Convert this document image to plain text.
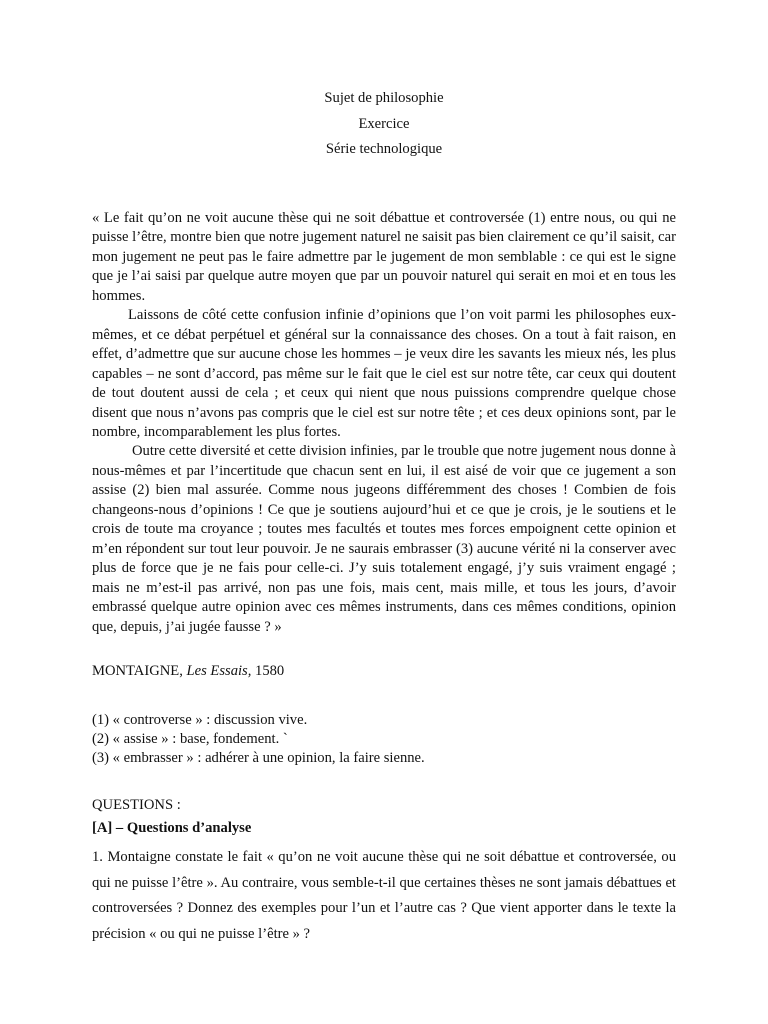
Sujet de philosophie
Exercice
Série technologique

« Le fait qu’on ne voit aucune thèse qui ne soit débattue et controversée (1) entre nous, ou qui ne puisse l’être, montre bien que notre jugement naturel ne saisit pas bien clairement ce qu’il saisit, car mon jugement ne peut pas le faire admettre par le jugement de mon semblable : ce qui est le signe que je l’ai saisi par quelque autre moyen que par un pouvoir naturel qui serait en moi et en tous les hommes.

Laissons de côté cette confusion infinie d’opinions que l’on voit parmi les philosophes eux-mêmes, et ce débat perpétuel et général sur la connaissance des choses. On a tout à fait raison, en effet, d’admettre que sur aucune chose les hommes – je veux dire les savants les mieux nés, les plus capables – ne sont d’accord, pas même sur le fait que le ciel est sur notre tête, car ceux qui doutent de tout doutent aussi de cela ; et ceux qui nient que nous puissions comprendre quelque chose disent que nous n’avons pas compris que le ciel est sur notre tête ; et ces deux opinions sont, par le nombre, incomparablement les plus fortes.

Outre cette diversité et cette division infinies, par le trouble que notre jugement nous donne à nous-mêmes et par l’incertitude que chacun sent en lui, il est aisé de voir que ce jugement a son assise (2) bien mal assurée. Comme nous jugeons différemment des choses ! Combien de fois changeons-nous d’opinions ! Ce que je soutiens aujourd’hui et ce que je crois, je le soutiens et le crois de toute ma croyance ; toutes mes facultés et toutes mes forces empoignent cette opinion et m’en répondent sur tout leur pouvoir. Je ne saurais embrasser (3) aucune vérité ni la conserver avec plus de force que je ne fais pour celle-ci. J’y suis totalement engagé, j’y suis vraiment engagé ; mais ne m’est-il pas arrivé, non pas une fois, mais cent, mais mille, et tous les jours, d’avoir embrassé quelque autre opinion avec ces mêmes instruments, dans ces mêmes conditions, opinion que, depuis, j’ai jugée fausse ? »

MONTAIGNE, Les Essais, 1580
(1) « controverse » : discussion vive.
(2) « assise » : base, fondement. `
(3) « embrasser » : adhérer à une opinion, la faire sienne.
QUESTIONS :
[A] – Questions d’analyse
1. Montaigne constate le fait « qu’on ne voit aucune thèse qui ne soit débattue et controversée, ou qui ne puisse l’être ». Au contraire, vous semble-t-il que certaines thèses ne sont jamais débattues et controversées ? Donnez des exemples pour l’un et l’autre cas ? Que vient apporter dans le texte la précision « ou qui ne puisse l’être » ?
